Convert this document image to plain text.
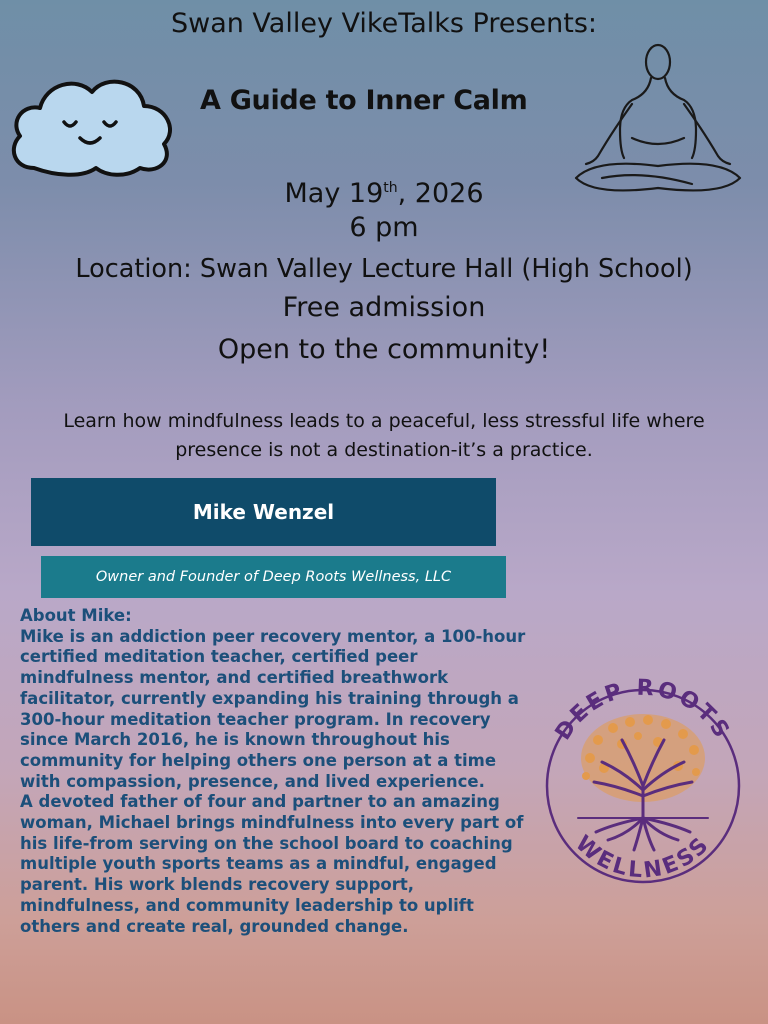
Swan Valley VikeTalks Presents:
A Guide to Inner Calm
May 19th, 2026
6 pm
Location: Swan Valley Lecture Hall (High School)
Free admission
Open to the community!
Learn how mindfulness leads to a peaceful, less stressful life where presence is not a destination-it’s a practice.
Mike Wenzel
Owner and Founder of Deep Roots Wellness, LLC

About Mike:

Mike is an addiction peer recovery mentor, a 100-hour certified meditation teacher, certified peer mindfulness mentor, and certified breathwork facilitator, currently expanding his training through a 300-hour meditation teacher program. In recovery since March 2016, he is known throughout his community for helping others one person at a time with compassion, presence, and lived experience.

A devoted father of four and partner to an amazing woman, Michael brings mindfulness into every part of his life-from serving on the school board to coaching multiple youth sports teams as a mindful, engaged parent. His work blends recovery support, mindfulness, and community leadership to uplift others and create real, grounded change.

DEEP ROOTS
WELLNESS
